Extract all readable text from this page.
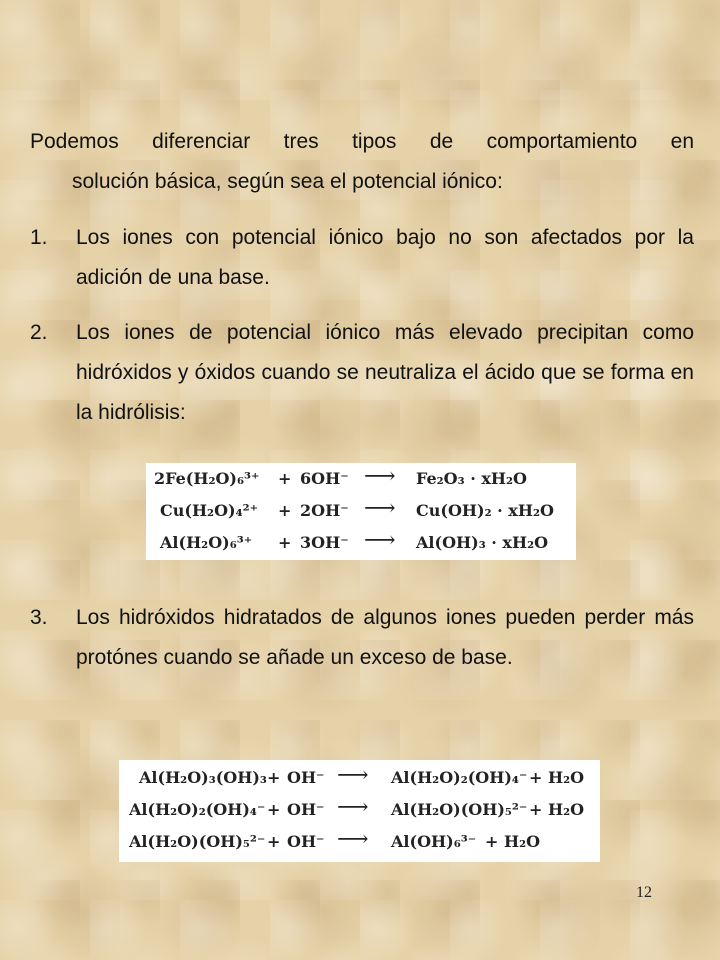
Podemos diferenciar tres tipos de comportamiento en
solución básica, según sea el potencial iónico:
1.	Los iones con potencial iónico bajo no son afectados por la adición de una base.
2.	Los iones de potencial iónico más elevado precipitan como hidróxidos y óxidos cuando se neutraliza el ácido que se forma en la hidrólisis:
2Fe(H₂O)₆³⁺ + 6OH⁻ ⟶ Fe₂O₃ · xH₂O
Cu(H₂O)₄²⁺ + 2OH⁻ ⟶ Cu(OH)₂ · xH₂O
Al(H₂O)₆³⁺ + 3OH⁻ ⟶ Al(OH)₃ · xH₂O
3.	Los hidróxidos hidratados de algunos iones pueden perder más protónes cuando se añade un exceso de base.
Al(H₂O)₃(OH)₃ + OH⁻ ⟶ Al(H₂O)₂(OH)₄⁻ + H₂O
Al(H₂O)₂(OH)₄⁻ + OH⁻ ⟶ Al(H₂O)(OH)₅²⁻ + H₂O
Al(H₂O)(OH)₅²⁻ + OH⁻ ⟶ Al(OH)₆³⁻ + H₂O
12
